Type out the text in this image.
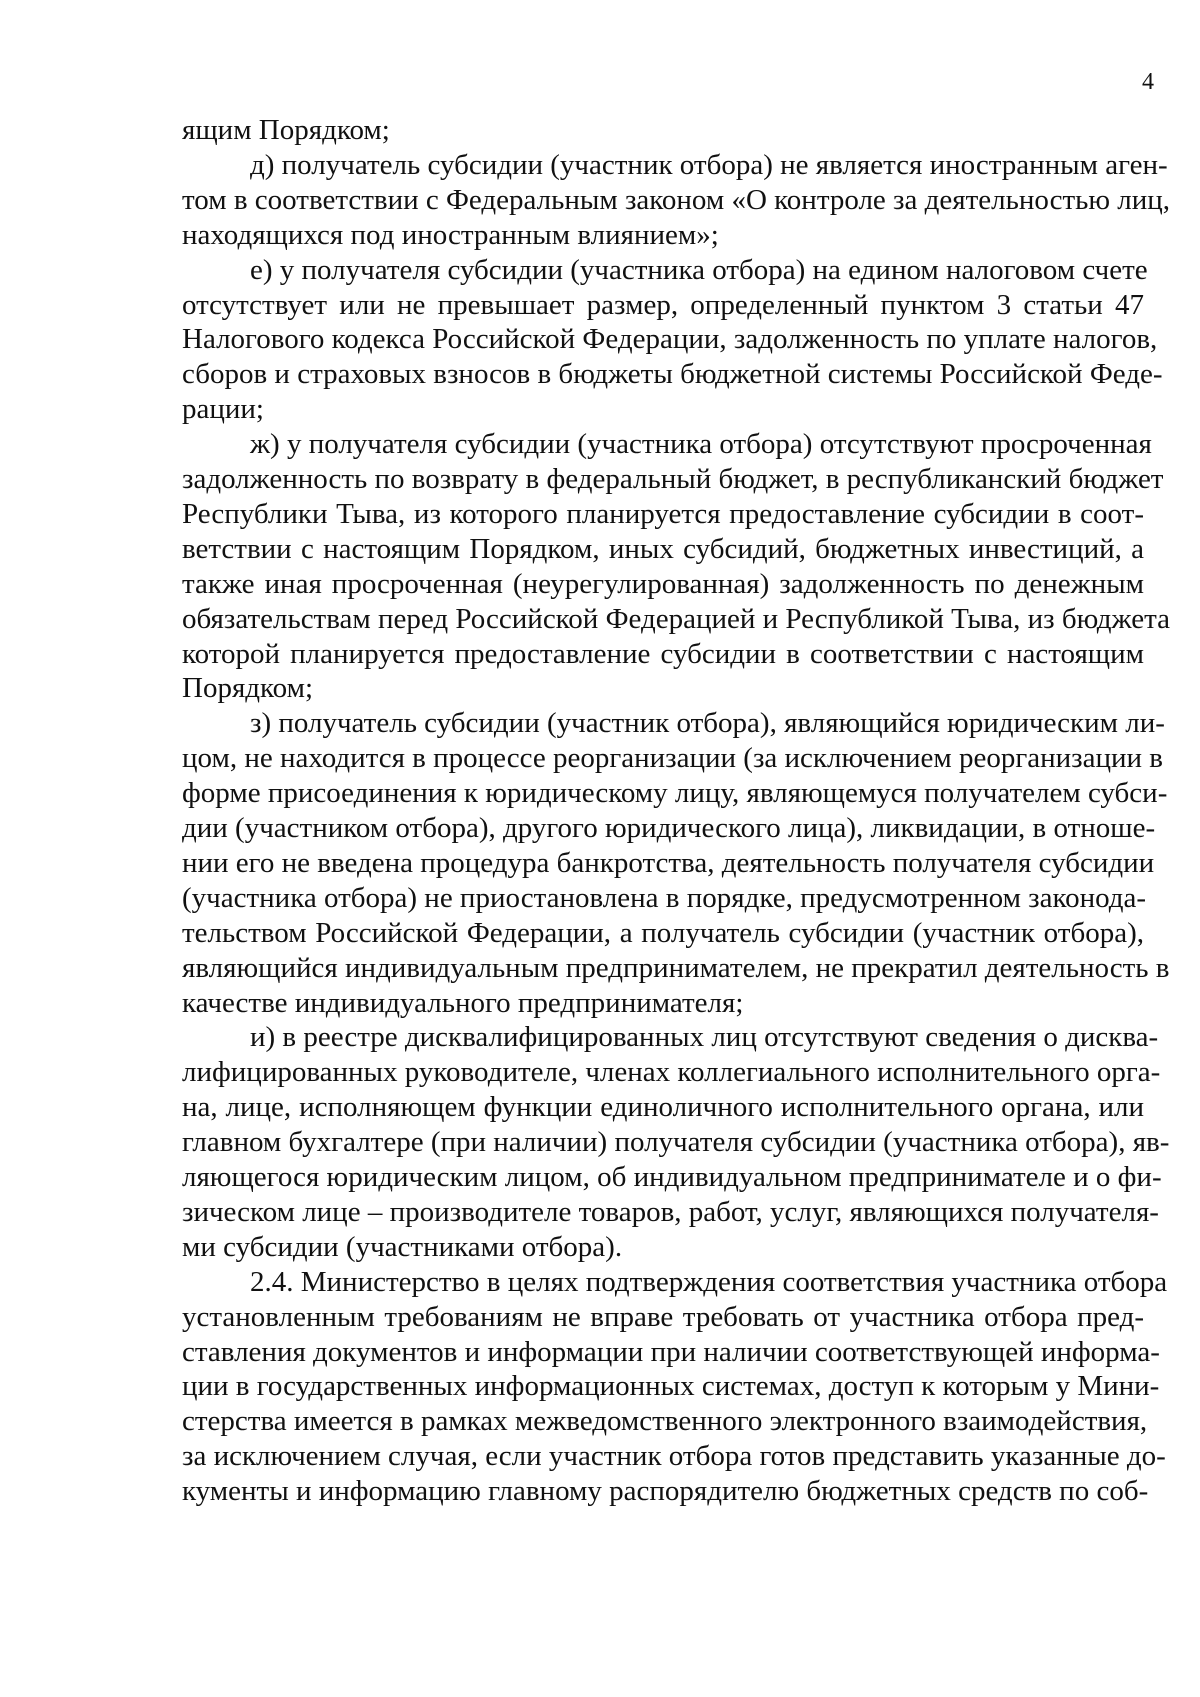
4
ящим Порядком;
д) получатель субсидии (участник отбора) не является иностранным аген-
том в соответствии с Федеральным законом «О контроле за деятельностью лиц,
находящихся под иностранным влиянием»;
е) у получателя субсидии (участника отбора) на едином налоговом счете
отсутствует или не превышает размер, определенный пунктом 3 статьи 47
Налогового кодекса Российской Федерации, задолженность по уплате налогов,
сборов и страховых взносов в бюджеты бюджетной системы Российской Феде-
рации;
ж) у получателя субсидии (участника отбора) отсутствуют просроченная
задолженность по возврату в федеральный бюджет, в республиканский бюджет
Республики Тыва, из которого планируется предоставление субсидии в соот-
ветствии с настоящим Порядком, иных субсидий, бюджетных инвестиций, а
также иная просроченная (неурегулированная) задолженность по денежным
обязательствам перед Российской Федерацией и Республикой Тыва, из бюджета
которой планируется предоставление субсидии в соответствии с настоящим
Порядком;
з) получатель субсидии (участник отбора), являющийся юридическим ли-
цом, не находится в процессе реорганизации (за исключением реорганизации в
форме присоединения к юридическому лицу, являющемуся получателем субси-
дии (участником отбора), другого юридического лица), ликвидации, в отноше-
нии его не введена процедура банкротства, деятельность получателя субсидии
(участника отбора) не приостановлена в порядке, предусмотренном законода-
тельством Российской Федерации, а получатель субсидии (участник отбора),
являющийся индивидуальным предпринимателем, не прекратил деятельность в
качестве индивидуального предпринимателя;
и) в реестре дисквалифицированных лиц отсутствуют сведения о дисква-
лифицированных руководителе, членах коллегиального исполнительного орга-
на, лице, исполняющем функции единоличного исполнительного органа, или
главном бухгалтере (при наличии) получателя субсидии (участника отбора), яв-
ляющегося юридическим лицом, об индивидуальном предпринимателе и о фи-
зическом лице – производителе товаров, работ, услуг, являющихся получателя-
ми субсидии (участниками отбора).
2.4. Министерство в целях подтверждения соответствия участника отбора
установленным требованиям не вправе требовать от участника отбора пред-
ставления документов и информации при наличии соответствующей информа-
ции в государственных информационных системах, доступ к которым у Мини-
стерства имеется в рамках межведомственного электронного взаимодействия,
за исключением случая, если участник отбора готов представить указанные до-
кументы и информацию главному распорядителю бюджетных средств по соб-
